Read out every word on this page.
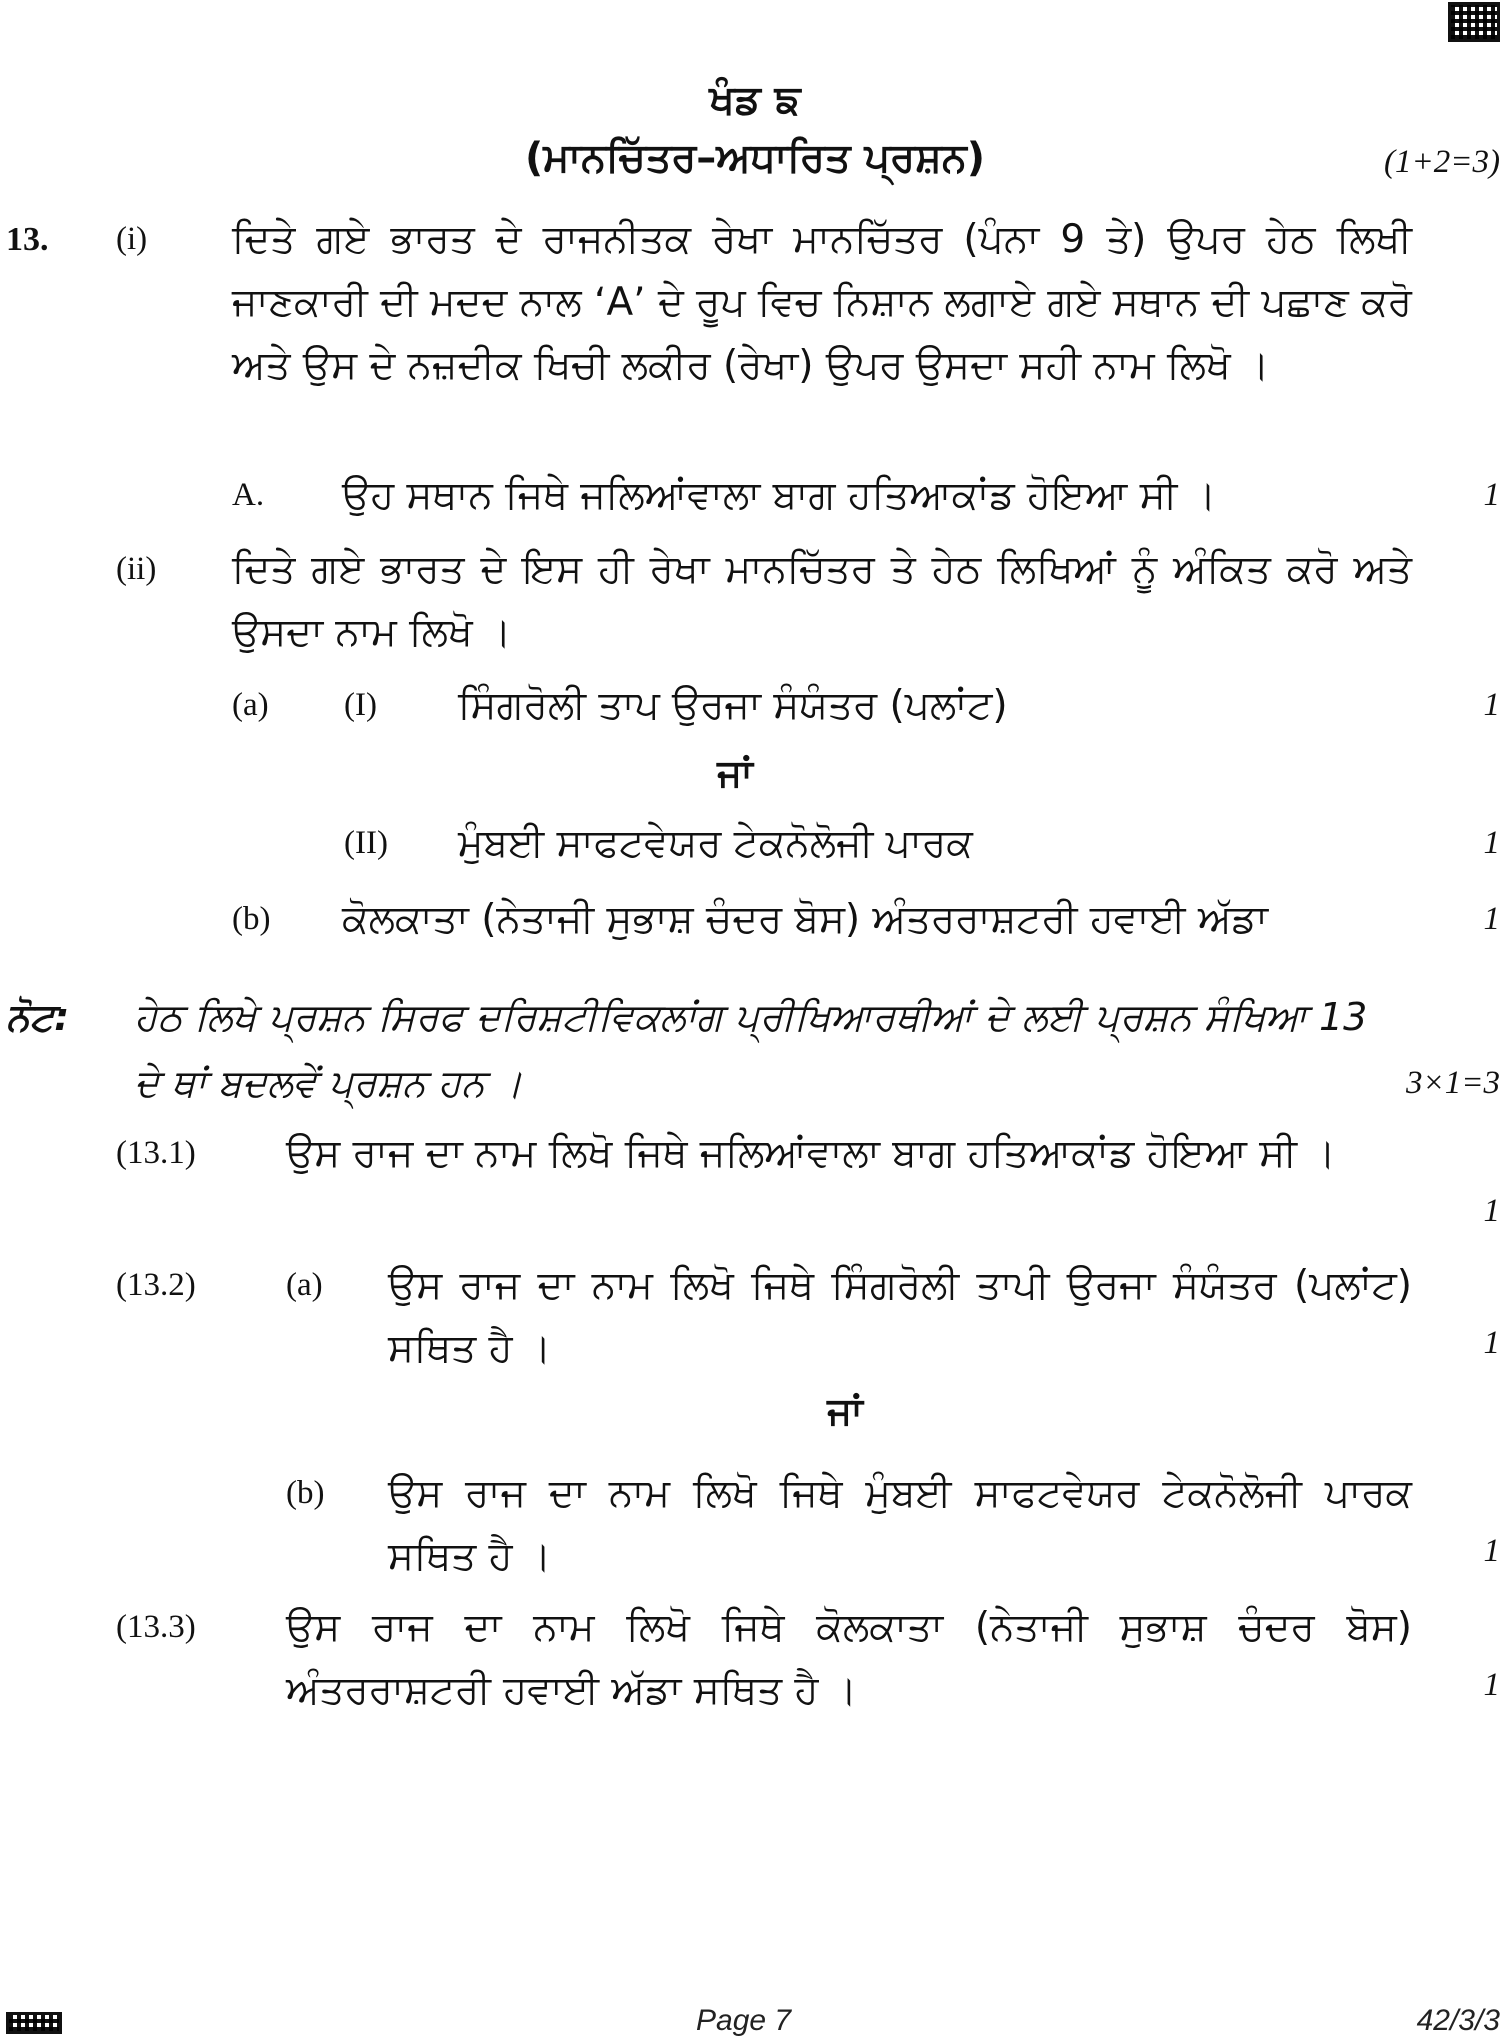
ਖੰਡ ਙ
(ਮਾਨਚਿੱਤਰ–ਅਧਾਰਿਤ ਪ੍ਰਸ਼ਨ)	(1+2=3)
13. (i) ਦਿਤੇ ਗਏ ਭਾਰਤ ਦੇ ਰਾਜਨੀਤਕ ਰੇਖਾ ਮਾਨਚਿੱਤਰ (ਪੰਨਾ 9 ਤੇ) ਉਪਰ ਹੇਠ ਲਿਖੀ ਜਾਣਕਾਰੀ ਦੀ ਮਦਦ ਨਾਲ ‘A’ ਦੇ ਰੂਪ ਵਿਚ ਨਿਸ਼ਾਨ ਲਗਾਏ ਗਏ ਸਥਾਨ ਦੀ ਪਛਾਣ ਕਰੋ ਅਤੇ ਉਸ ਦੇ ਨਜ਼ਦੀਕ ਖਿਚੀ ਲਕੀਰ (ਰੇਖਾ) ਉਪਰ ਉਸਦਾ ਸਹੀ ਨਾਮ ਲਿਖੋ ।
A. ਉਹ ਸਥਾਨ ਜਿਥੇ ਜਲਿਆਂਵਾਲਾ ਬਾਗ ਹਤਿਆਕਾਂਡ ਹੋਇਆ ਸੀ ।	1
(ii) ਦਿਤੇ ਗਏ ਭਾਰਤ ਦੇ ਇਸ ਹੀ ਰੇਖਾ ਮਾਨਚਿੱਤਰ ਤੇ ਹੇਠ ਲਿਖਿਆਂ ਨੂੰ ਅੰਕਿਤ ਕਰੋ ਅਤੇ ਉਸਦਾ ਨਾਮ ਲਿਖੋ ।
(a) (I) ਸਿੰਗਰੋਲੀ ਤਾਪ ਉਰਜਾ ਸੰਯੰਤਰ (ਪਲਾਂਟ)	1
ਜਾਂ
(II) ਮੁੰਬਈ ਸਾਫਟਵੇਯਰ ਟੇਕਨੋਲੋਜੀ ਪਾਰਕ	1
(b) ਕੋਲਕਾਤਾ (ਨੇਤਾਜੀ ਸੁਭਾਸ਼ ਚੰਦਰ ਬੋਸ) ਅੰਤਰਰਾਸ਼ਟਰੀ ਹਵਾਈ ਅੱਡਾ	1
ਨੋਟ: ਹੇਠ ਲਿਖੇ ਪ੍ਰਸ਼ਨ ਸਿਰਫ ਦਰਿਸ਼ਟੀਵਿਕਲਾਂਗ ਪ੍ਰੀਖਿਆਰਥੀਆਂ ਦੇ ਲਈ ਪ੍ਰਸ਼ਨ ਸੰਖਿਆ 13
ਦੇ ਥਾਂ ਬਦਲਵੇਂ ਪ੍ਰਸ਼ਨ ਹਨ ।	3×1=3
(13.1) ਉਸ ਰਾਜ ਦਾ ਨਾਮ ਲਿਖੋ ਜਿਥੇ ਜਲਿਆਂਵਾਲਾ ਬਾਗ ਹਤਿਆਕਾਂਡ ਹੋਇਆ ਸੀ ।
1
(13.2)	(a) ਉਸ ਰਾਜ ਦਾ ਨਾਮ ਲਿਖੋ ਜਿਥੇ ਸਿੰਗਰੋਲੀ ਤਾਪੀ ਉਰਜਾ ਸੰਯੰਤਰ (ਪਲਾਂਟ) ਸਥਿਤ ਹੈ ।	1
ਜਾਂ
(b) ਉਸ ਰਾਜ ਦਾ ਨਾਮ ਲਿਖੋ ਜਿਥੇ ਮੁੰਬਈ ਸਾਫਟਵੇਯਰ ਟੇਕਨੋਲੋਜੀ ਪਾਰਕ ਸਥਿਤ ਹੈ ।	1
(13.3) ਉਸ ਰਾਜ ਦਾ ਨਾਮ ਲਿਖੋ ਜਿਥੇ ਕੋਲਕਾਤਾ (ਨੇਤਾਜੀ ਸੁਭਾਸ਼ ਚੰਦਰ ਬੋਸ) ਅੰਤਰਰਾਸ਼ਟਰੀ ਹਵਾਈ ਅੱਡਾ ਸਥਿਤ ਹੈ ।	1
Page 7	42/3/3
